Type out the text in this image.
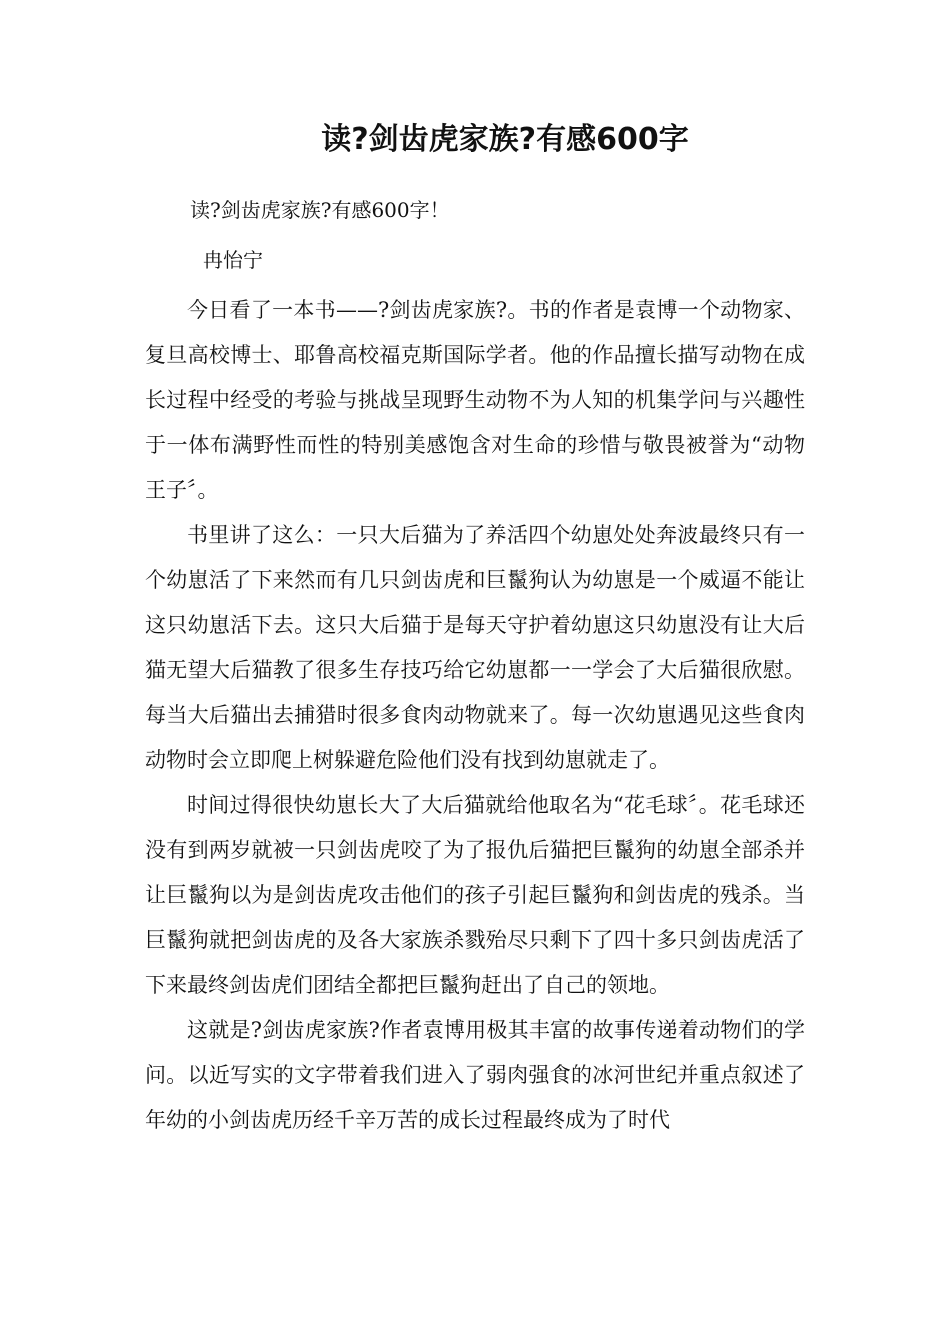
读?剑齿虎家族?有感600字
读?剑齿虎家族?有感600字！
冉怡宁

今日看了一本书——?剑齿虎家族?。书的作者是袁博一个动物家、复旦高校博士、耶鲁高校福克斯国际学者。他的作品擅长描写动物在成长过程中经受的考验与挑战呈现野生动物不为人知的机集学问与兴趣性于一体布满野性而性的特别美感饱含对生命的珍惜与敬畏被誉为“动物王子〞。

书里讲了这么：一只大后猫为了养活四个幼崽处处奔波最终只有一个幼崽活了下来然而有几只剑齿虎和巨鬣狗认为幼崽是一个威逼不能让这只幼崽活下去。这只大后猫于是每天守护着幼崽这只幼崽没有让大后猫无望大后猫教了很多生存技巧给它幼崽都一一学会了大后猫很欣慰。每当大后猫出去捕猎时很多食肉动物就来了。每一次幼崽遇见这些食肉动物时会立即爬上树躲避危险他们没有找到幼崽就走了。

时间过得很快幼崽长大了大后猫就给他取名为“花毛球〞。花毛球还没有到两岁就被一只剑齿虎咬了为了报仇后猫把巨鬣狗的幼崽全部杀并让巨鬣狗以为是剑齿虎攻击他们的孩子引起巨鬣狗和剑齿虎的残杀。当巨鬣狗就把剑齿虎的及各大家族杀戮殆尽只剩下了四十多只剑齿虎活了下来最终剑齿虎们团结全都把巨鬣狗赶出了自己的领地。

这就是?剑齿虎家族?作者袁博用极其丰富的故事传递着动物们的学问。以近写实的文字带着我们进入了弱肉强食的冰河世纪并重点叙述了年幼的小剑齿虎历经千辛万苦的成长过程最终成为了时代
